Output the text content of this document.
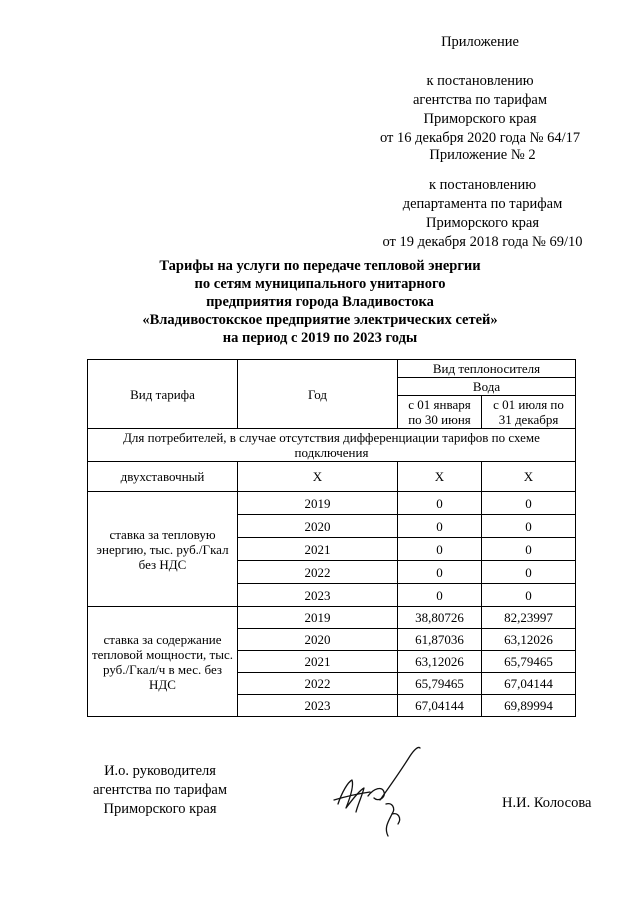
Приложение
к постановлению
агентства по тарифам
Приморского края
от 16 декабря 2020 года № 64/17
Приложение № 2
к постановлению
департамента по тарифам
Приморского края
от 19 декабря 2018 года № 69/10
Тарифы на услуги по передаче тепловой энергии
по сетям муниципального унитарного
предприятия города Владивостока
«Владивостокское предприятие электрических сетей»
на период с 2019 по 2023 годы
Вид тарифа	Год	Вид теплоносителя	
		Вода	
		с 01 января по 30 июня	с 01 июля по 31 декабря
Для потребителей, в случае отсутствия дифференциации тарифов по схеме подключения			
двухставочный	X	X	X
ставка за тепловую энергию, тыс. руб./Гкал без НДС	2019	0	0
	2020	0	0
	2021	0	0
	2022	0	0
	2023	0	0
ставка за содержание тепловой мощности, тыс. руб./Гкал/ч в мес. без НДС	2019	38,80726	82,23997
	2020	61,87036	63,12026
	2021	63,12026	65,79465
	2022	65,79465	67,04144
	2023	67,04144	69,89994
И.о. руководителя
агентства по тарифам
Приморского края	Н.И. Колосова
